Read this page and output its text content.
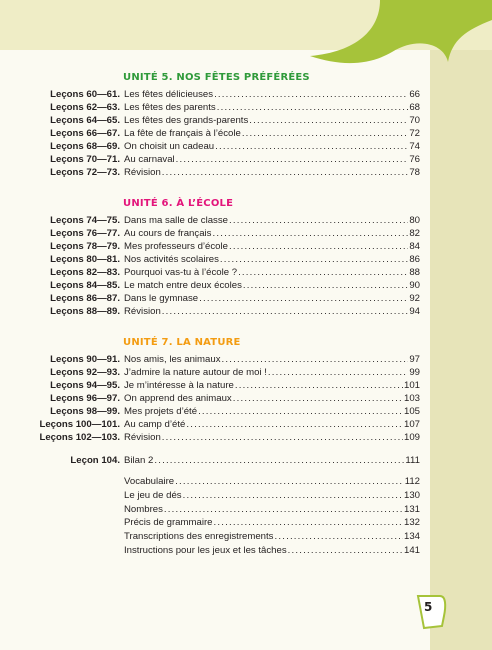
UNITÉ 5. NOS FÊTES PRÉFÉRÉES
Leçons 60—61. Les fêtes délicieuses .....	66
Leçons 62—63. Les fêtes des parents .....	68
Leçons 64—65. Les fêtes des grands-parents .....	70
Leçons 66—67. La fête de français à l’école .....	72
Leçons 68—69. On choisit un cadeau .....	74
Leçons 70—71. Au carnaval .....	76
Leçons 72—73. Révision .....	78
UNITÉ 6. À L’ÉCOLE
Leçons 74—75. Dans ma salle de classe .....	80
Leçons 76—77. Au cours de français .....	82
Leçons 78—79. Mes professeurs d’école .....	84
Leçons 80—81. Nos activités scolaires .....	86
Leçons 82—83. Pourquoi vas-tu à l’école ? .....	88
Leçons 84—85. Le match entre deux écoles .....	90
Leçons 86—87. Dans le gymnase .....	92
Leçons 88—89. Révision .....	94
UNITÉ 7. LA NATURE
Leçons 90—91. Nos amis, les animaux .....	97
Leçons 92—93. J’admire la nature autour de moi ! .....	99
Leçons 94—95. Je m’intéresse à la nature .....	101
Leçons 96—97. On apprend des animaux .....	103
Leçons 98—99. Mes projets d’été .....	105
Leçons 100—101. Au camp d’été .....	107
Leçons 102—103. Révision .....	109
Leçon 104. Bilan 2 .....	111
Vocabulaire .....	112
Le jeu de dés .....	130
Nombres .....	131
Précis de grammaire .....	132
Transcriptions des enregistrements .....	134
Instructions pour les jeux et les tâches .....	141
5
